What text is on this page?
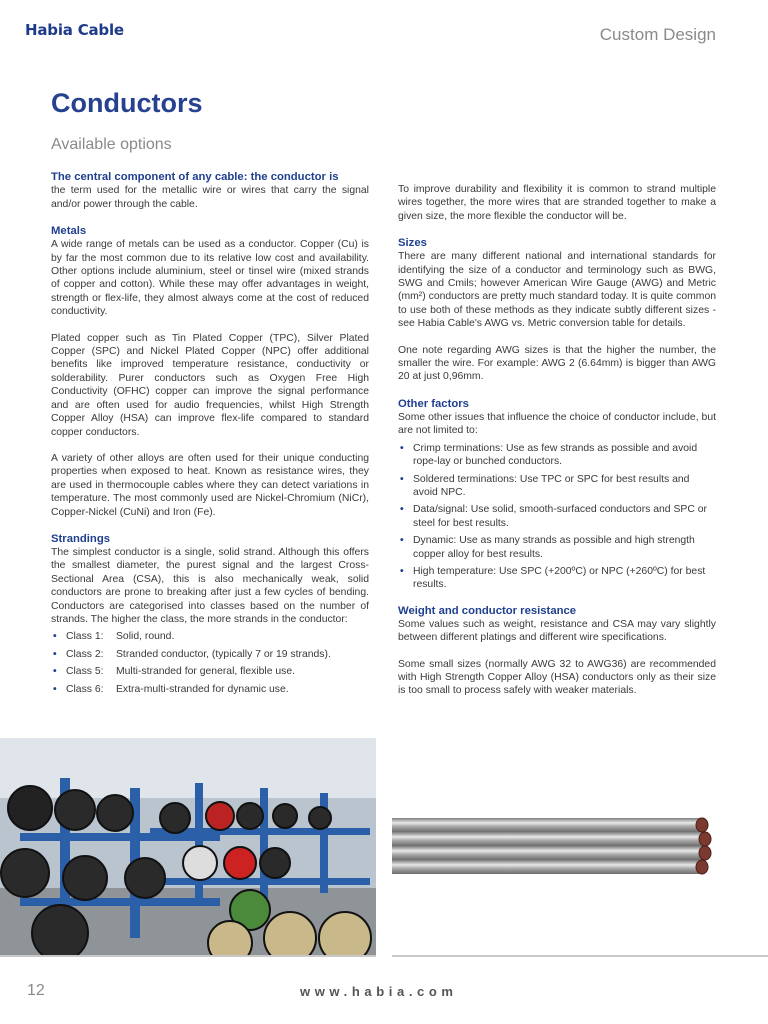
Habia Cable	Custom Design
Conductors
Available options
The central component of any cable: the conductor is
the term used for the metallic wire or wires that carry the signal and/or power through the cable.
Metals
A wide range of metals can be used as a conductor. Copper (Cu) is by far the most common due to its relative low cost and availability. Other options include aluminium, steel or tinsel wire (mixed strands of copper and cotton). While these may offer advantages in weight, strength or flex-life, they almost always come at the cost of reduced conductivity.
Plated copper such as Tin Plated Copper (TPC), Silver Plated Copper (SPC) and Nickel Plated Copper (NPC) offer additional benefits like improved temperature resistance, conductivity or solderability. Purer conductors such as Oxygen Free High Conductivity (OFHC) copper can improve the signal performance and are often used for audio frequencies, whilst High Strength Copper Alloy (HSA) can improve flex-life compared to standard copper conductors.
A variety of other alloys are often used for their unique conducting properties when exposed to heat. Known as resistance wires, they are used in thermocouple cables where they can detect variations in temperature. The most commonly used are Nickel-Chromium (NiCr), Copper-Nickel (CuNi) and Iron (Fe).
Strandings
The simplest conductor is a single, solid strand. Although this offers the smallest diameter, the purest signal and the largest Cross-Sectional Area (CSA), this is also mechanically weak, solid conductors are prone to breaking after just a few cycles of bending. Conductors are categorised into classes based on the number of strands. The higher the class, the more strands in the conductor:
• Class 1: Solid, round.
• Class 2: Stranded conductor, (typically 7 or 19 strands).
• Class 5: Multi-stranded for general, flexible use.
• Class 6: Extra-multi-stranded for dynamic use.
To improve durability and flexibility it is common to strand multiple wires together, the more wires that are stranded together to make a given size, the more flexible the conductor will be.
Sizes
There are many different national and international standards for identifying the size of a conductor and terminology such as BWG, SWG and Cmils; however American Wire Gauge (AWG) and Metric (mm²) conductors are pretty much standard today. It is quite common to use both of these methods as they indicate subtly different sizes - see Habia Cable's AWG vs. Metric conversion table for details.
One note regarding AWG sizes is that the higher the number, the smaller the wire. For example: AWG 2 (6.64mm) is bigger than AWG 20 at just 0,96mm.
Other factors
Some other issues that influence the choice of conductor include, but are not limited to:
• Crimp terminations: Use as few strands as possible and avoid rope-lay or bunched conductors.
• Soldered terminations: Use TPC or SPC for best results and avoid NPC.
• Data/signal: Use solid, smooth-surfaced conductors and SPC or steel for best results.
• Dynamic: Use as many strands as possible and high strength copper alloy for best results.
• High temperature: Use SPC (+200ºC) or NPC (+260ºC) for best results.
Weight and conductor resistance
Some values such as weight, resistance and CSA may vary slightly between different platings and different wire specifications.
Some small sizes (normally AWG 32 to AWG36) are recommended with High Strength Copper Alloy (HSA) conductors only as their size is too small to process safely with weaker materials.
12	www.habia.com
